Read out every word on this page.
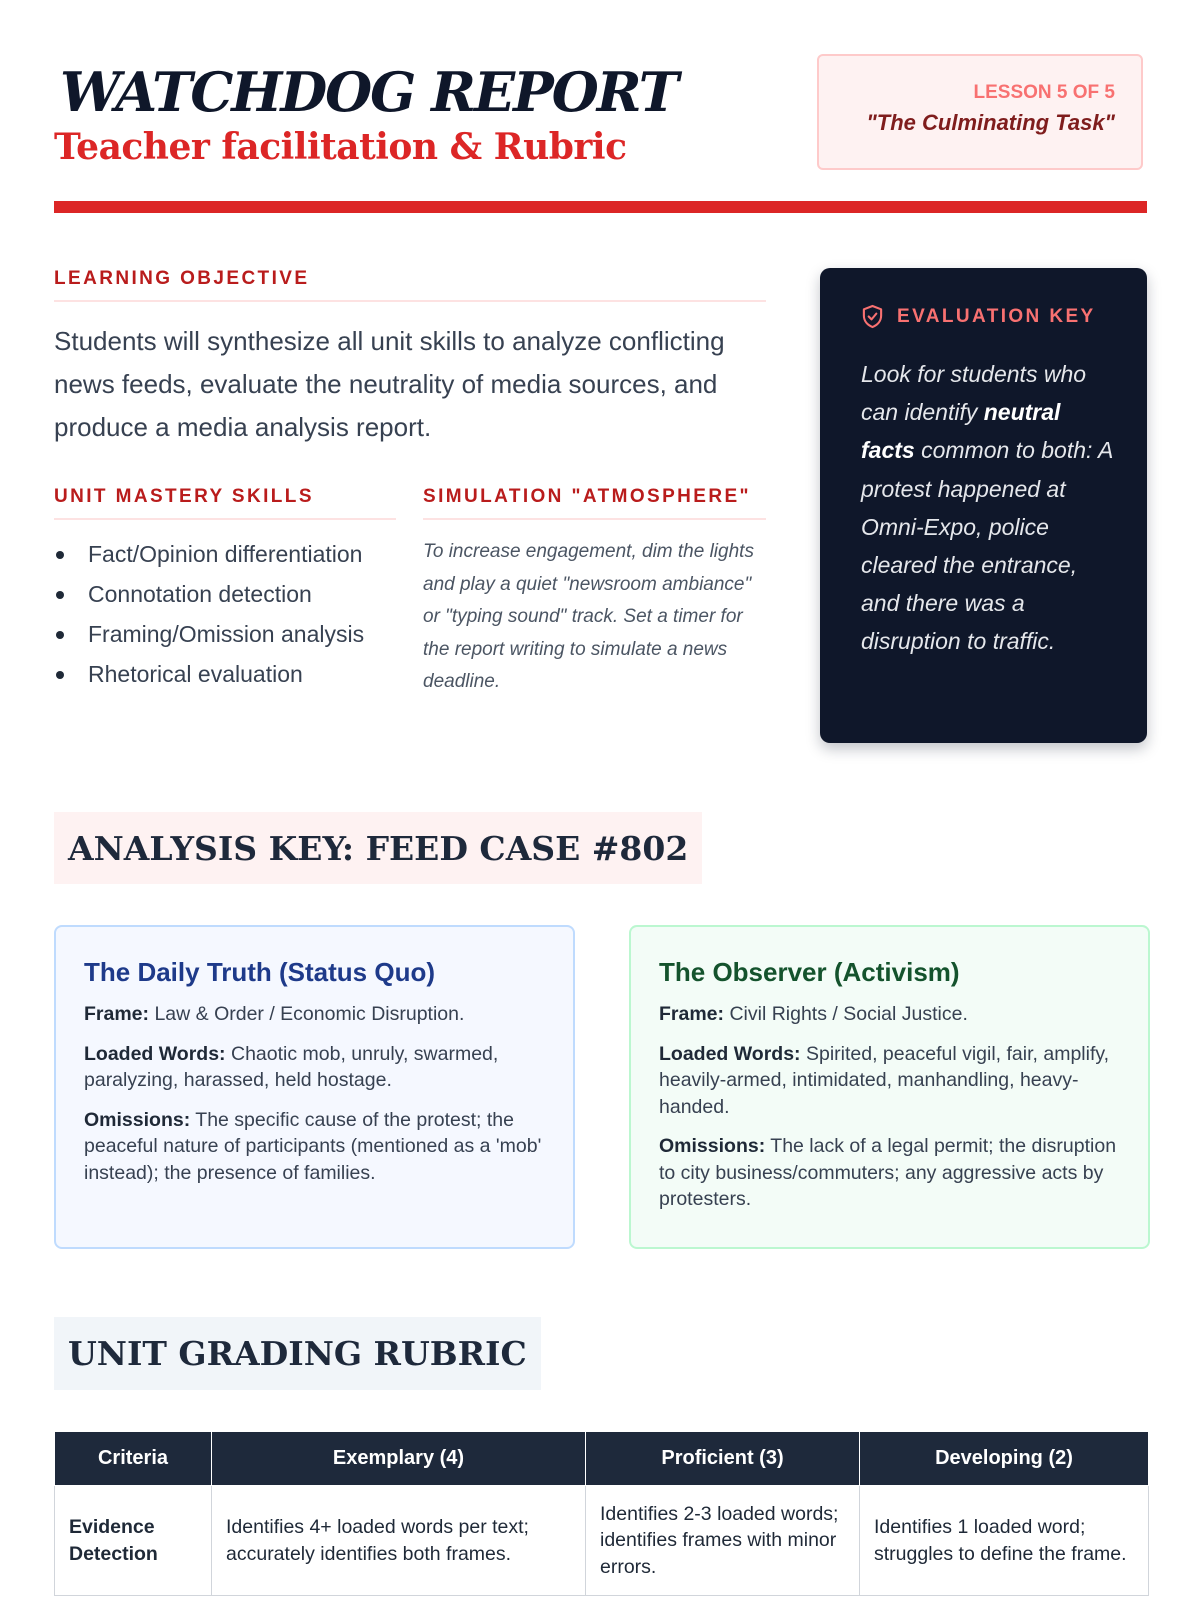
WATCHDOG REPORT
Teacher facilitation & Rubric
LESSON 5 OF 5
"The Culminating Task"
LEARNING OBJECTIVE
Students will synthesize all unit skills to analyze conflicting news feeds, evaluate the neutrality of media sources, and produce a media analysis report.
UNIT MASTERY SKILLS
Fact/Opinion differentiation
Connotation detection
Framing/Omission analysis
Rhetorical evaluation
SIMULATION "ATMOSPHERE"
To increase engagement, dim the lights and play a quiet "newsroom ambiance" or "typing sound" track. Set a timer for the report writing to simulate a news deadline.
EVALUATION KEY
Look for students who can identify neutral facts common to both: A protest happened at Omni-Expo, police cleared the entrance, and there was a disruption to traffic.
ANALYSIS KEY: FEED CASE #802
The Daily Truth (Status Quo)
Frame: Law & Order / Economic Disruption.
Loaded Words: Chaotic mob, unruly, swarmed, paralyzing, harassed, held hostage.
Omissions: The specific cause of the protest; the peaceful nature of participants (mentioned as a 'mob' instead); the presence of families.
The Observer (Activism)
Frame: Civil Rights / Social Justice.
Loaded Words: Spirited, peaceful vigil, fair, amplify, heavily-armed, intimidated, manhandling, heavy-handed.
Omissions: The lack of a legal permit; the disruption to city business/commuters; any aggressive acts by protesters.
UNIT GRADING RUBRIC
Criteria	Exemplary (4)	Proficient (3)	Developing (2)
Evidence Detection	Identifies 4+ loaded words per text; accurately identifies both frames.	Identifies 2-3 loaded words; identifies frames with minor errors.	Identifies 1 loaded word; struggles to define the frame.
